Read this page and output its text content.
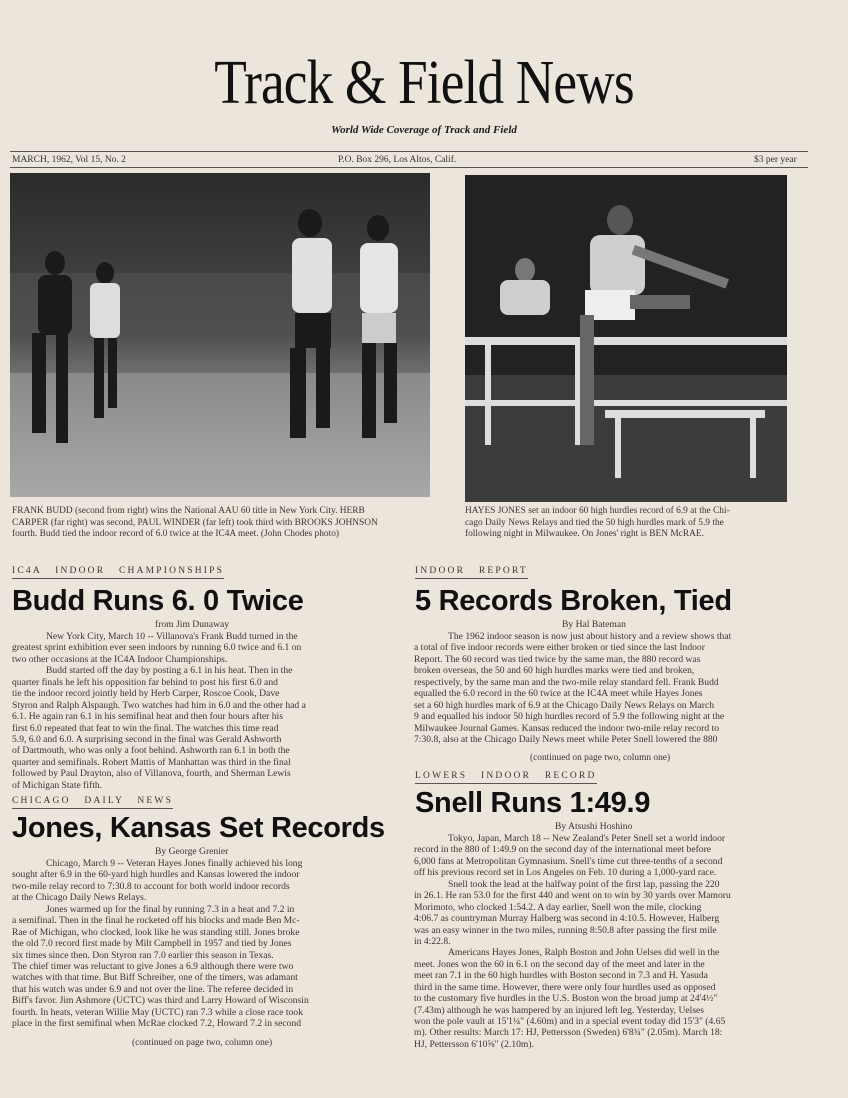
Track & Field News
World Wide Coverage of Track and Field
MARCH, 1962, Vol 15, No. 2	P.O. Box 296, Los Altos, Calif.	$3 per year
FRANK BUDD (second from right) wins the National AAU 60 title in New York City. HERB
CARPER (far right) was second, PAUL WINDER (far left) took third with BROOKS JOHNSON
fourth. Budd tied the indoor record of 6.0 twice at the IC4A meet. (John Chodes photo)
HAYES JONES set an indoor 60 high hurdles record of 6.9 at the Chi-
cago Daily News Relays and tied the 50 high hurdles mark of 5.9 the
following night in Milwaukee. On Jones' right is BEN McRAE.
IC4A   INDOOR   CHAMPIONSHIPS
Budd Runs 6. 0 Twice
from Jim Dunaway
New York City, March 10 -- Villanova's Frank Budd turned in the
greatest sprint exhibition ever seen indoors by running 6.0 twice and 6.1 on
two other occasions at the IC4A Indoor Championships.
Budd started off the day by posting a 6.1 in his heat. Then in the
quarter finals he left his opposition far behind to post his first 6.0 and
tie the indoor record jointly held by Herb Carper, Roscoe Cook, Dave
Styron and Ralph Alspaugh. Two watches had him in 6.0 and the other had a
6.1. He again ran 6.1 in his semifinal heat and then four hours after his
first 6.0 repeated that feat to win the final. The watches this time read
5.9, 6.0 and 6.0. A surprising second in the final was Gerald Ashworth
of Dartmouth, who was only a foot behind. Ashworth ran 6.1 in both the
quarter and semifinals. Robert Mattis of Manhattan was third in the final
followed by Paul Drayton, also of Villanova, fourth, and Sherman Lewis
of Michigan State fifth.
CHICAGO   DAILY   NEWS
Jones, Kansas Set Records
By George Grenier
Chicago, March 9 -- Veteran Hayes Jones finally achieved his long
sought after 6.9 in the 60-yard high hurdles and Kansas lowered the indoor
two-mile relay record to 7:30.8 to account for both world indoor records
at the Chicago Daily News Relays.
Jones warmed up for the final by running 7.3 in a heat and 7.2 in
a semifinal. Then in the final he rocketed off his blocks and made Ben Mc-
Rae of Michigan, who clocked, look like he was standing still. Jones broke
the old 7.0 record first made by Milt Campbell in 1957 and tied by Jones
six times since then. Don Styron ran 7.0 earlier this season in Texas.
The chief timer was reluctant to give Jones a 6.9 although there were two
watches with that time. But Biff Schreiber, one of the timers, was adamant
that his watch was under 6.9 and not over the line. The referee decided in
Biff's favor. Jim Ashmore (UCTC) was third and Larry Howard of Wisconsin
fourth. In heats, veteran Willie May (UCTC) ran 7.3 while a close race took
place in the first semifinal when McRae clocked 7.2, Howard 7.2 in second
(continued on page two, column one)
INDOOR   REPORT
5 Records Broken, Tied
By Hal Bateman
The 1962 indoor season is now just about history and a review shows that
a total of five indoor records were either broken or tied since the last Indoor
Report. The 60 record was tied twice by the same man, the 880 record was
broken overseas, the 50 and 60 high hurdles marks were tied and broken,
respectively, by the same man and the two-mile relay standard fell. Frank Budd
equalled the 6.0 record in the 60 twice at the IC4A meet while Hayes Jones
set a 60 high hurdles mark of 6.9 at the Chicago Daily News Relays on March
9 and equalled his indoor 50 high hurdles record of 5.9 the following night at the
Milwaukee Journal Games. Kansas reduced the indoor two-mile relay record to
7:30.8, also at the Chicago Daily News meet while Peter Snell lowered the 880
(continued on page two, column one)
LOWERS   INDOOR   RECORD
Snell Runs 1:49.9
By Atsushi Hoshino
Tokyo, Japan, March 18 -- New Zealand's Peter Snell set a world indoor
record in the 880 of 1:49.9 on the second day of the international meet before
6,000 fans at Metropolitan Gymnasium. Snell's time cut three-tenths of a second
off his previous record set in Los Angeles on Feb. 10 during a 1,000-yard race.
Snell took the lead at the halfway point of the first lap, passing the 220
in 26.1. He ran 53.0 for the first 440 and went on to win by 30 yards over Mamoru
Morimoto, who clocked 1:54.2. A day earlier, Snell won the mile, clocking
4:06.7 as countryman Murray Halberg was second in 4:10.5. However, Halberg
was an easy winner in the two miles, running 8:50.8 after passing the first mile
in 4:22.8.
Americans Hayes Jones, Ralph Boston and John Uelses did well in the
meet. Jones won the 60 in 6.1 on the second day of the meet and later in the
meet ran 7.1 in the 60 high hurdles with Boston second in 7.3 and H. Yasuda
third in the same time. However, there were only four hurdles used as opposed
to the customary five hurdles in the U.S. Boston won the broad jump at 24'4½"
(7.43m) although he was hampered by an injured left leg. Yesterday, Uelses
won the pole vault at 15'1¼" (4.60m) and in a special event today did 15'3" (4.65
m). Other results: March 17: HJ, Pettersson (Sweden) 6'8¾" (2.05m). March 18:
HJ, Pettersson 6'10⅝" (2.10m).
